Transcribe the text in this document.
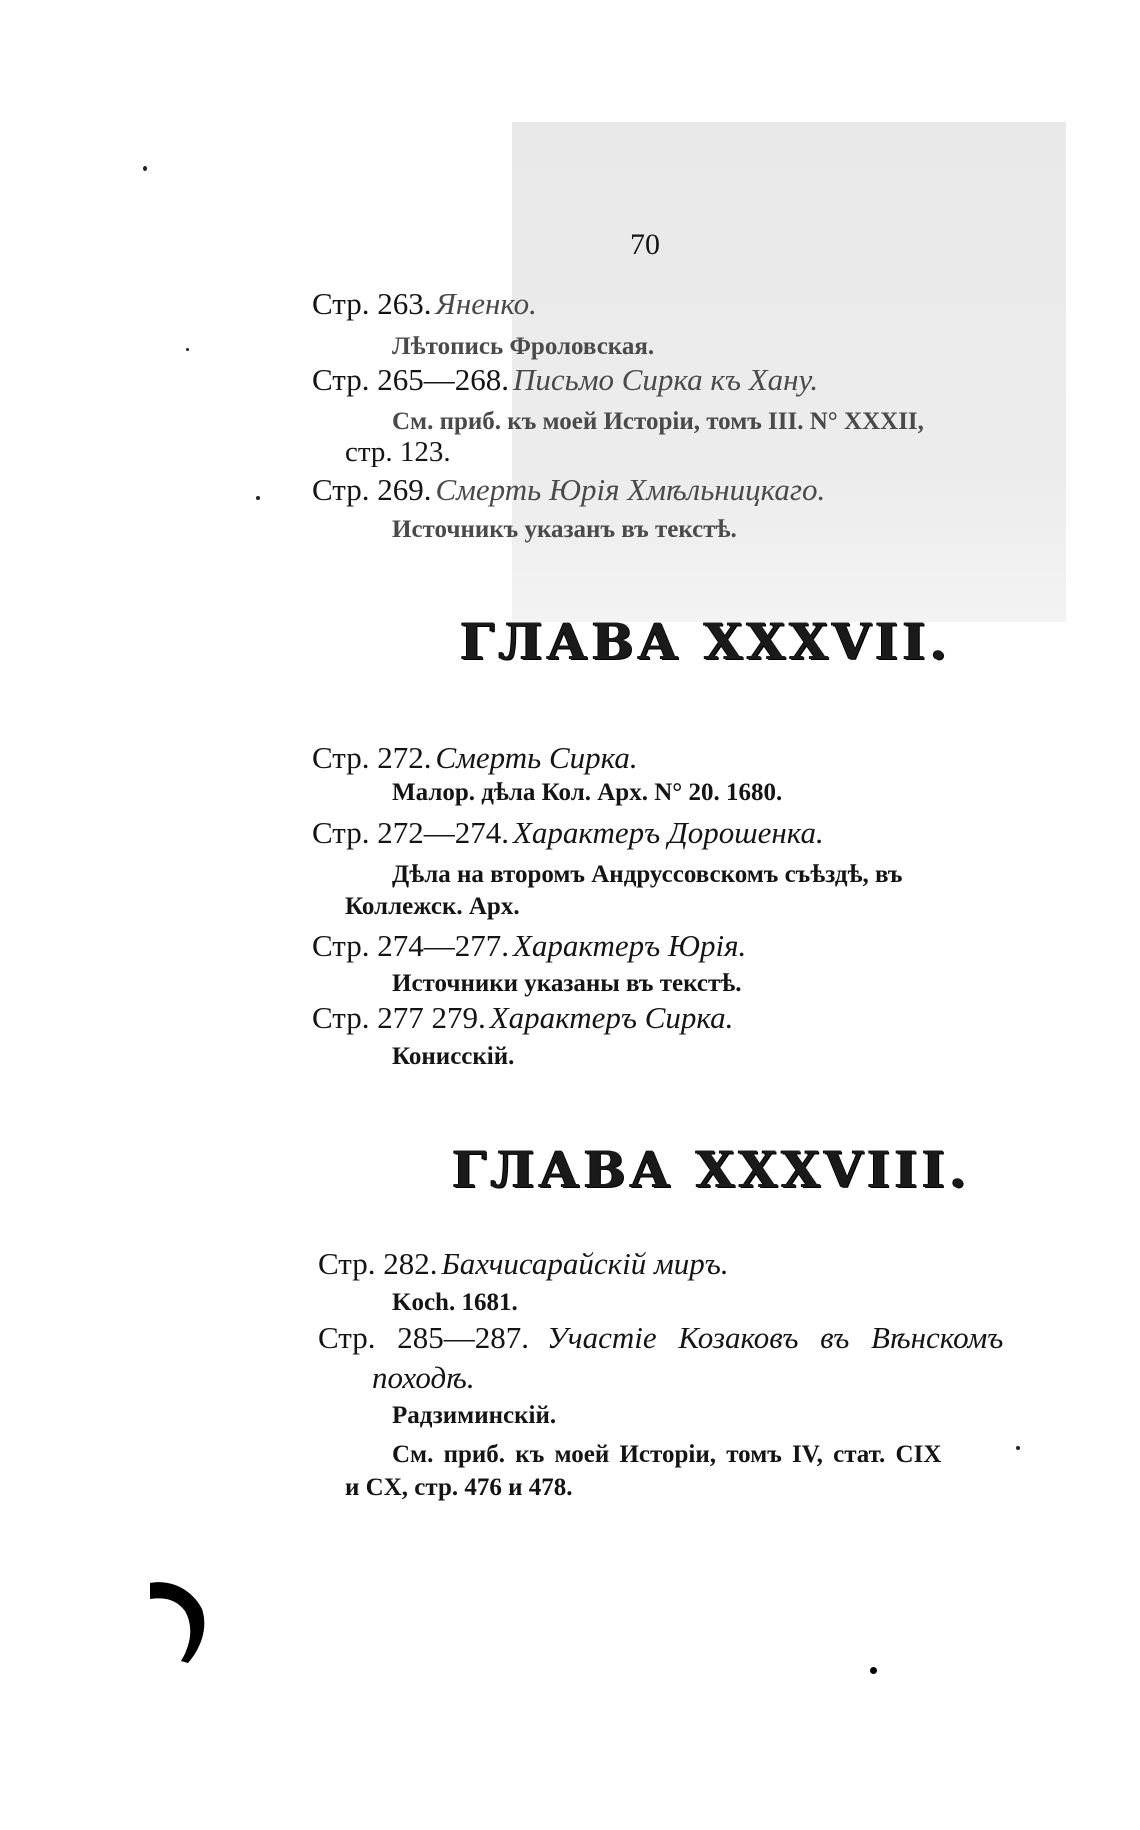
70
Стр. 263. Яненко.
Лѣтопись Фроловская.
Стр. 265—268. Письмо Сирка къ Хану.
См. приб. къ моей Исторіи, томъ III. N° XXXII,
стр. 123.
Стр. 269. Смерть Юрія Хмѣльницкаго.
Источникъ указанъ въ текстѣ.
ГЛАВА XXXVII.
Стр. 272. Смерть Сирка.
Малор. дѣла Кол. Арх. N° 20. 1680.
Стр. 272—274. Характеръ Дорошенка.
Дѣла на второмъ Андруссовскомъ съѣздѣ, въ
Коллежск. Арх.
Стр. 274—277. Характеръ Юрія.
Источники указаны въ текстѣ.
Стр. 277 279. Характеръ Сирка.
Конисскій.
ГЛАВА XXXVIII.
Стр. 282. Бахчисарайскій миръ.
Koch. 1681.
Стр. 285—287. Участіе Козаковъ въ Вѣнскомъ
походѣ.
Радзиминскій.
См. приб. къ моей Исторіи, томъ IV, стат. CIX
и CX, стр. 476 и 478.
